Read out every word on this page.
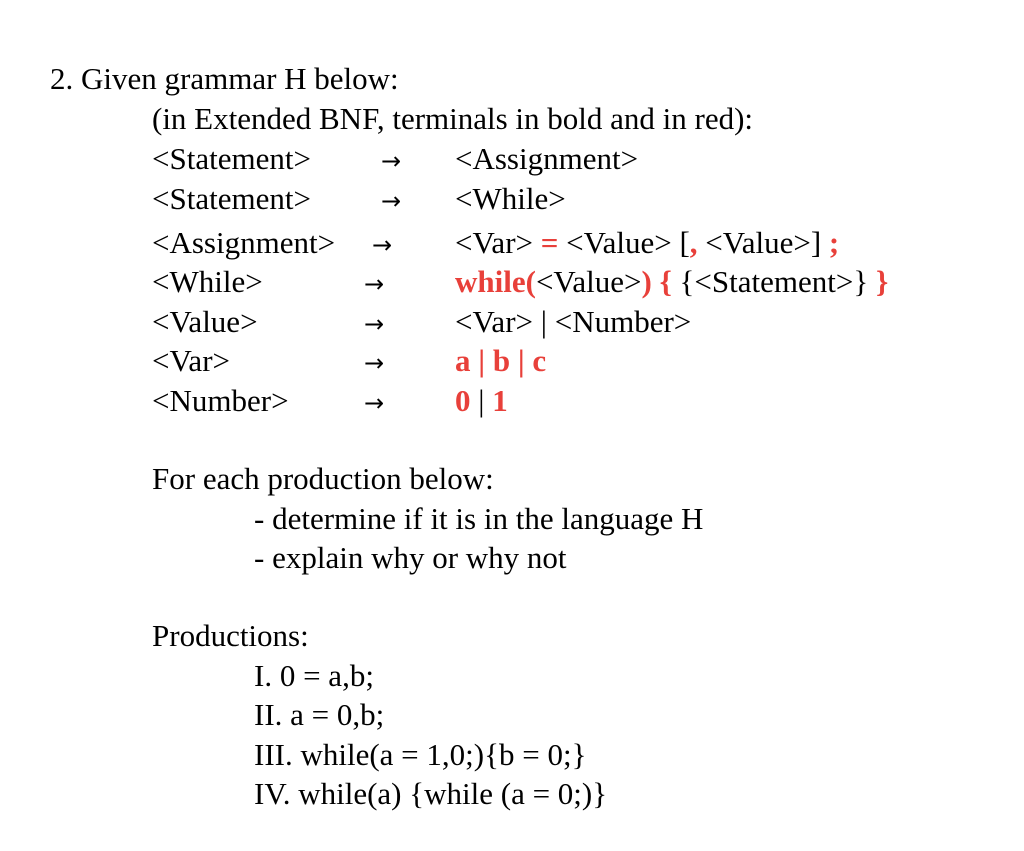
2. Given grammar H below:
(in Extended BNF, terminals in bold and in red):
<Statement>	→ <Assignment>
<Statement>	→ <While>
<Assignment> → <Var> = <Value> [, <Value>] ;
<While>	→ while(<Value>) { {<Statement>} }
<Value>	→ <Var> | <Number>
<Var>	→ a | b | c
<Number>	→ 0 | 1
For each production below:
- determine if it is in the language H
- explain why or why not
Productions:
I. 0 = a,b;
II. a = 0,b;
III. while(a = 1,0;){b = 0;}
IV. while(a) {while (a = 0;)}
